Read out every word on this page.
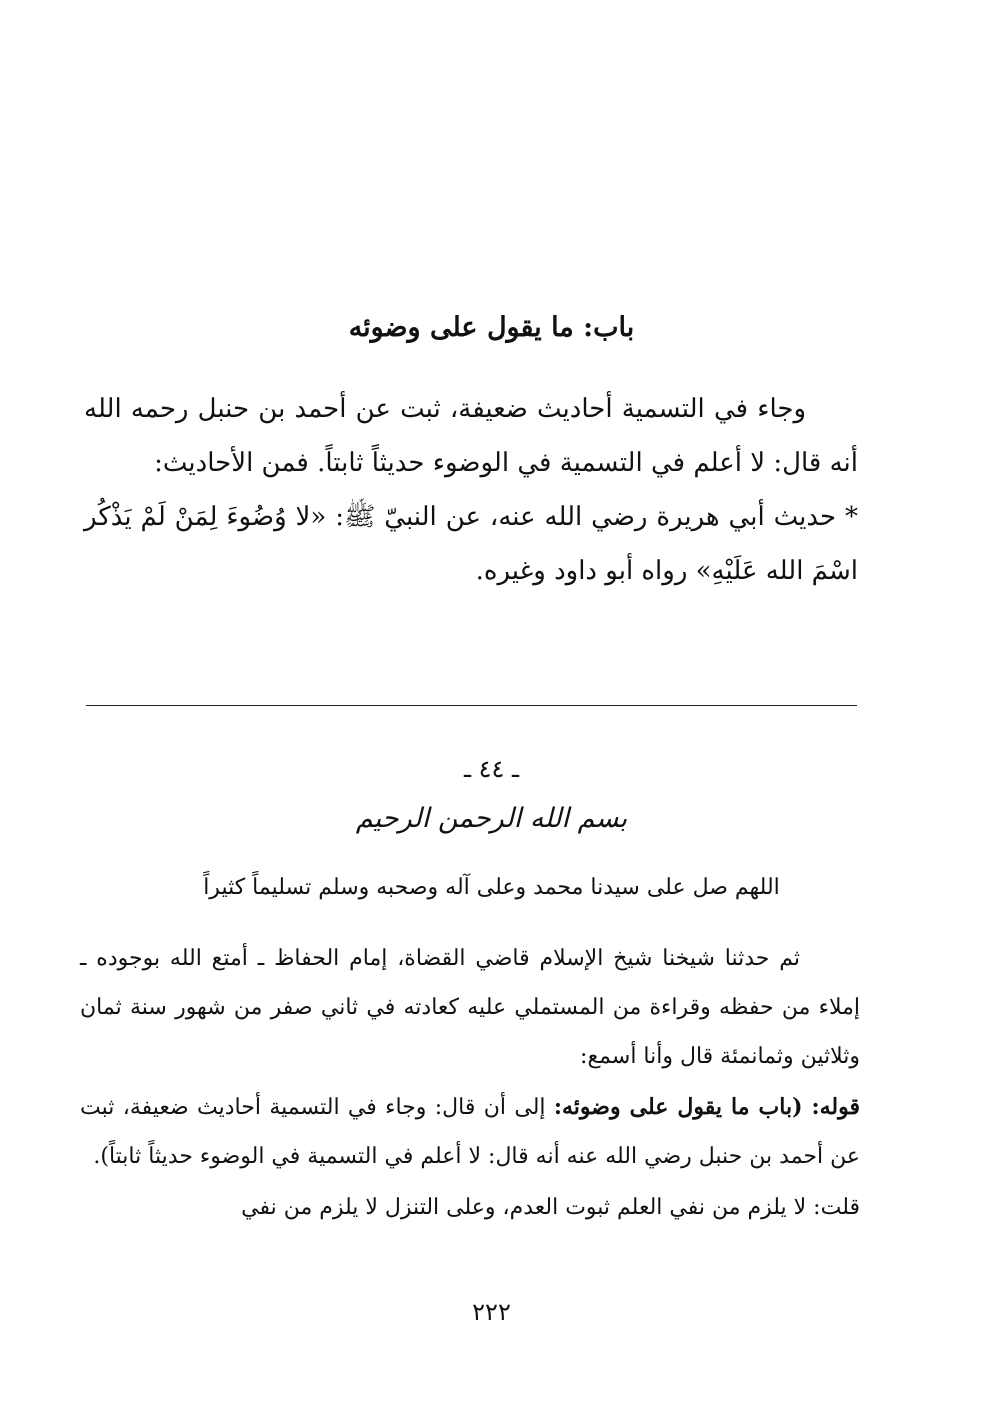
باب: ما يقول على وضوئه

وجاء في التسمية أحاديث ضعيفة، ثبت عن أحمد بن حنبل رحمه الله أنه قال: لا أعلم في التسمية في الوضوء حديثاً ثابتاً. فمن الأحاديث:

* حديث أبي هريرة رضي الله عنه، عن النبيّ ﷺ: «لا وُضُوءَ لِمَنْ لَمْ يَذْكُر اسْمَ الله عَلَيْهِ» رواه أبو داود وغيره.

ـ ٤٤ ـ
بسم الله الرحمن الرحيم
اللهم صل على سيدنا محمد وعلى آله وصحبه وسلم تسليماً كثيراً

ثم حدثنا شيخنا شيخ الإسلام قاضي القضاة، إمام الحفاظ ـ أمتع الله بوجوده ـ إملاء من حفظه وقراءة من المستملي عليه كعادته في ثاني صفر من شهور سنة ثمان وثلاثين وثمانمئة قال وأنا أسمع:

قوله: (باب ما يقول على وضوئه: إلى أن قال: وجاء في التسمية أحاديث ضعيفة، ثبت عن أحمد بن حنبل رضي الله عنه أنه قال: لا أعلم في التسمية في الوضوء حديثاً ثابتاً).

قلت: لا يلزم من نفي العلم ثبوت العدم، وعلى التنزل لا يلزم من نفي

٢٢٢
